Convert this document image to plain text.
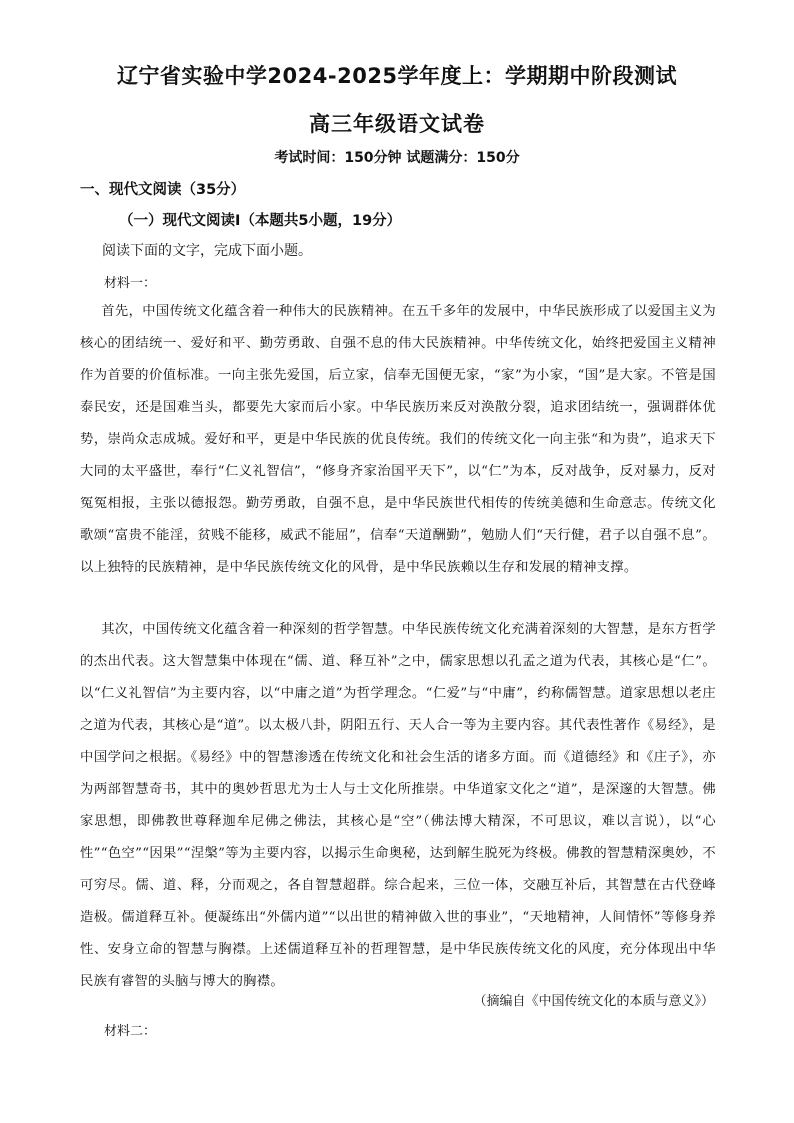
辽宁省实验中学2024-2025学年度上：学期期中阶段测试
高三年级语文试卷
考试时间：150分钟 试题满分：150分
一、现代文阅读（35分）
（一）现代文阅读Ⅰ（本题共5小题，19分）
阅读下面的文字，完成下面小题。
材料一：
首先，中国传统文化蕴含着一种伟大的民族精神。在五千多年的发展中，中华民族形成了以爱国主义为核心的团结统一、爱好和平、勤劳勇敢、自强不息的伟大民族精神。中华传统文化，始终把爱国主义精神作为首要的价值标准。一向主张先爱国，后立家，信奉无国便无家，“家”为小家，“国”是大家。不管是国泰民安，还是国难当头，都要先大家而后小家。中华民族历来反对涣散分裂，追求团结统一，强调群体优势，崇尚众志成城。爱好和平，更是中华民族的优良传统。我们的传统文化一向主张“和为贵”，追求天下大同的太平盛世，奉行“仁义礼智信”，“修身齐家治国平天下”，以“仁”为本，反对战争，反对暴力，反对冤冤相报，主张以德报怨。勤劳勇敢，自强不息，是中华民族世代相传的传统美德和生命意志。传统文化歌颂“富贵不能淫，贫贱不能移，威武不能屈”，信奉“天道酬勤”，勉励人们“天行健，君子以自强不息”。以上独特的民族精神，是中华民族传统文化的风骨，是中华民族赖以生存和发展的精神支撑。
其次，中国传统文化蕴含着一种深刻的哲学智慧。中华民族传统文化充满着深刻的大智慧，是东方哲学的杰出代表。这大智慧集中体现在“儒、道、释互补”之中，儒家思想以孔孟之道为代表，其核心是“仁”。以“仁义礼智信”为主要内容，以“中庸之道”为哲学理念。“仁爱”与“中庸”，约称儒智慧。道家思想以老庄之道为代表，其核心是“道”。以太极八卦，阴阳五行、天人合一等为主要内容。其代表性著作《易经》，是中国学问之根据。《易经》中的智慧渗透在传统文化和社会生活的诸多方面。而《道德经》和《庄子》，亦为两部智慧奇书，其中的奥妙哲思尤为士人与士文化所推崇。中华道家文化之“道”，是深邃的大智慧。佛家思想，即佛教世尊释迦牟尼佛之佛法，其核心是“空”（佛法博大精深，不可思议，难以言说），以“心性”“色空”“因果”“涅槃”等为主要内容，以揭示生命奥秘，达到解生脱死为终极。佛教的智慧精深奥妙，不可穷尽。儒、道、释，分而观之，各自智慧超群。综合起来，三位一体，交融互补后，其智慧在古代登峰造极。儒道释互补。便凝练出“外儒内道”“以出世的精神做入世的事业”，“天地精神，人间情怀”等修身养性、安身立命的智慧与胸襟。上述儒道释互补的哲理智慧，是中华民族传统文化的风度，充分体现出中华民族有睿智的头脑与博大的胸襟。
（摘编自《中国传统文化的本质与意义》）
材料二：
